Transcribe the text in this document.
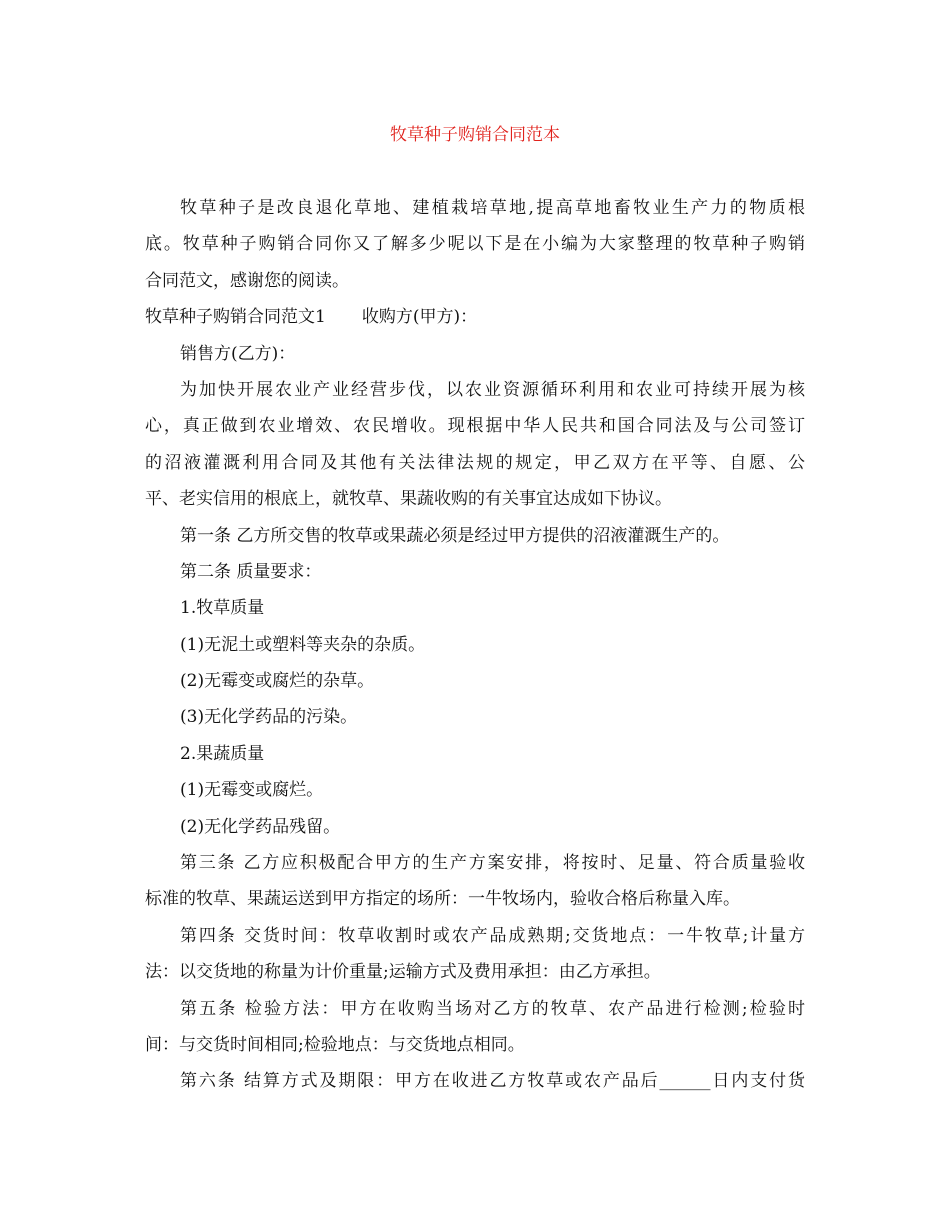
牧草种子购销合同范本
牧草种子是改良退化草地、建植栽培草地,提高草地畜牧业生产力的物质根
底。牧草种子购销合同你又了解多少呢以下是在小编为大家整理的牧草种子购销
合同范文，感谢您的阅读。
牧草种子购销合同范文1 收购方(甲方)：
销售方(乙方)：
为加快开展农业产业经营步伐，以农业资源循环利用和农业可持续开展为核
心，真正做到农业增效、农民增收。现根据中华人民共和国合同法及与公司签订
的沼液灌溉利用合同及其他有关法律法规的规定，甲乙双方在平等、自愿、公
平、老实信用的根底上，就牧草、果蔬收购的有关事宜达成如下协议。
第一条 乙方所交售的牧草或果蔬必须是经过甲方提供的沼液灌溉生产的。
第二条 质量要求：
1.牧草质量
(1)无泥土或塑料等夹杂的杂质。
(2)无霉变或腐烂的杂草。
(3)无化学药品的污染。
2.果蔬质量
(1)无霉变或腐烂。
(2)无化学药品残留。
第三条 乙方应积极配合甲方的生产方案安排，将按时、足量、符合质量验收
标准的牧草、果蔬运送到甲方指定的场所：一牛牧场内，验收合格后称量入库。
第四条 交货时间：牧草收割时或农产品成熟期;交货地点：一牛牧草;计量方
法：以交货地的称量为计价重量;运输方式及费用承担：由乙方承担。
第五条 检验方法：甲方在收购当场对乙方的牧草、农产品进行检测;检验时
间：与交货时间相同;检验地点：与交货地点相同。
第六条 结算方式及期限：甲方在收进乙方牧草或农产品后______日内支付货
